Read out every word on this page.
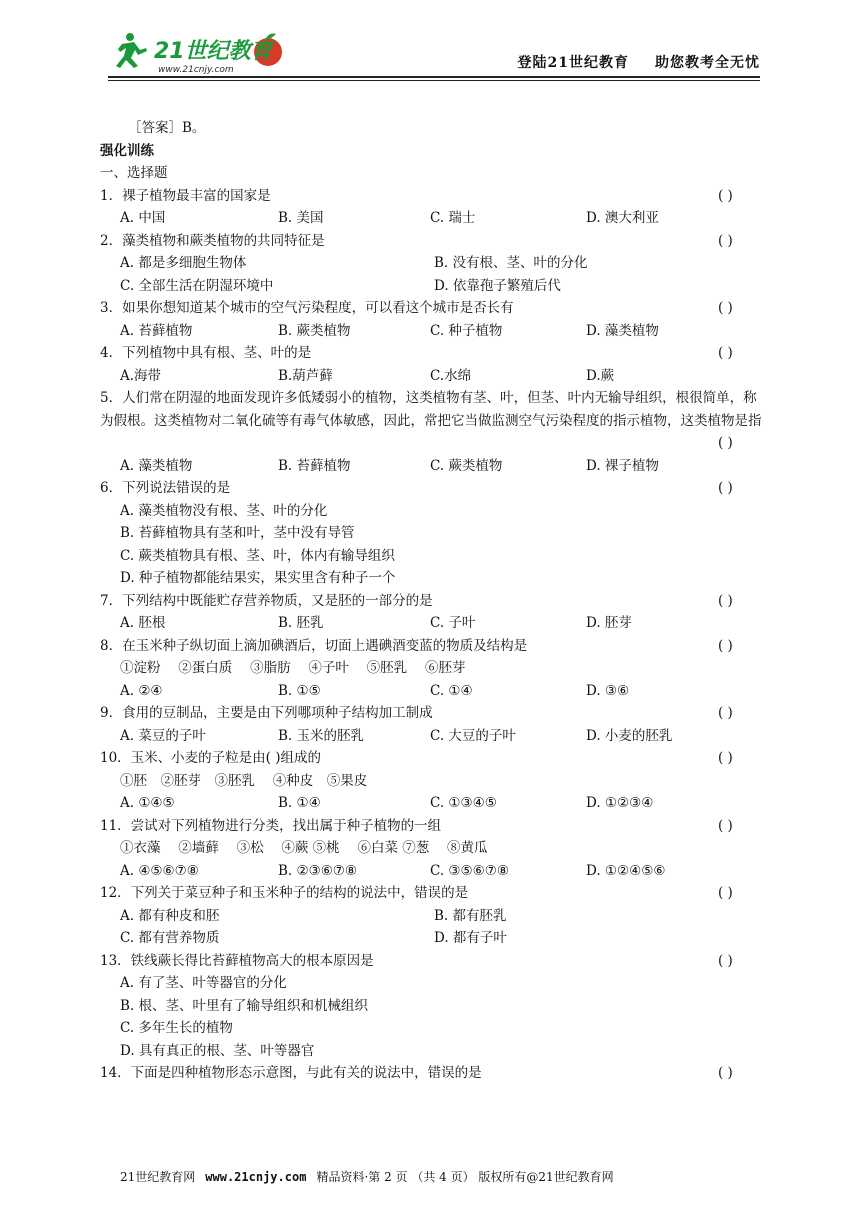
21世纪教育
www.21cnjy.com	登陆21世纪教育 助您教考全无忧
［答案］B。
强化训练
一、选择题
1．裸子植物最丰富的国家是	( )
A. 中国	B. 美国	C. 瑞士	D. 澳大利亚
2．藻类植物和蕨类植物的共同特征是	( )
A. 都是多细胞生物体	B. 没有根、茎、叶的分化
C. 全部生活在阴湿环境中	D. 依靠孢子繁殖后代
3．如果你想知道某个城市的空气污染程度，可以看这个城市是否长有	( )
A. 苔藓植物	B. 蕨类植物	C. 种子植物	D. 藻类植物
4．下列植物中具有根、茎、叶的是	( )
A.海带	B.葫芦藓	C.水绵	D.蕨
5．人们常在阴湿的地面发现许多低矮弱小的植物，这类植物有茎、叶，但茎、叶内无输导组织，根很简单，称为假根。这类植物对二氧化硫等有毒气体敏感，因此，常把它当做监测空气污染程度的指示植物，这类植物是指
( )
A. 藻类植物	B. 苔藓植物	C. 蕨类植物	D. 裸子植物
6．下列说法错误的是	( )
A. 藻类植物没有根、茎、叶的分化
B. 苔藓植物具有茎和叶，茎中没有导管
C. 蕨类植物具有根、茎、叶，体内有输导组织
D. 种子植物都能结果实，果实里含有种子一个
7．下列结构中既能贮存营养物质，又是胚的一部分的是	( )
A. 胚根	B. 胚乳	C. 子叶	D. 胚芽
8．在玉米种子纵切面上滴加碘酒后，切面上遇碘酒变蓝的物质及结构是	( )
①淀粉　 ②蛋白质　 ③脂肪　 ④子叶　 ⑤胚乳　 ⑥胚芽
A. ②④	B. ①⑤	C. ①④	D. ③⑥
9．食用的豆制品，主要是由下列哪项种子结构加工制成	( )
A. 菜豆的子叶	B. 玉米的胚乳	C. 大豆的子叶	D. 小麦的胚乳
10．玉米、小麦的子粒是由( )组成的	( )
①胚　②胚芽　③胚乳　 ④种皮　⑤果皮
A. ①④⑤	B. ①④	C. ①③④⑤	D. ①②③④
11．尝试对下列植物进行分类，找出属于种子植物的一组	( )
①衣藻　 ②墙藓　 ③松　 ④蕨 ⑤桃　 ⑥白菜 ⑦葱　 ⑧黄瓜
A. ④⑤⑥⑦⑧	B. ②③⑥⑦⑧	C. ③⑤⑥⑦⑧	D. ①②④⑤⑥
12．下列关于菜豆种子和玉米种子的结构的说法中，错误的是	( )
A. 都有种皮和胚	B. 都有胚乳
C. 都有营养物质	D. 都有子叶
13．铁线蕨长得比苔藓植物高大的根本原因是	( )
A. 有了茎、叶等器官的分化
B. 根、茎、叶里有了输导组织和机械组织
C. 多年生长的植物
D. 具有真正的根、茎、叶等器官
14．下面是四种植物形态示意图，与此有关的说法中，错误的是	( )
21世纪教育网 www.21cnjy.com 精品资料·第 2 页 （共 4 页） 版权所有@21世纪教育网
